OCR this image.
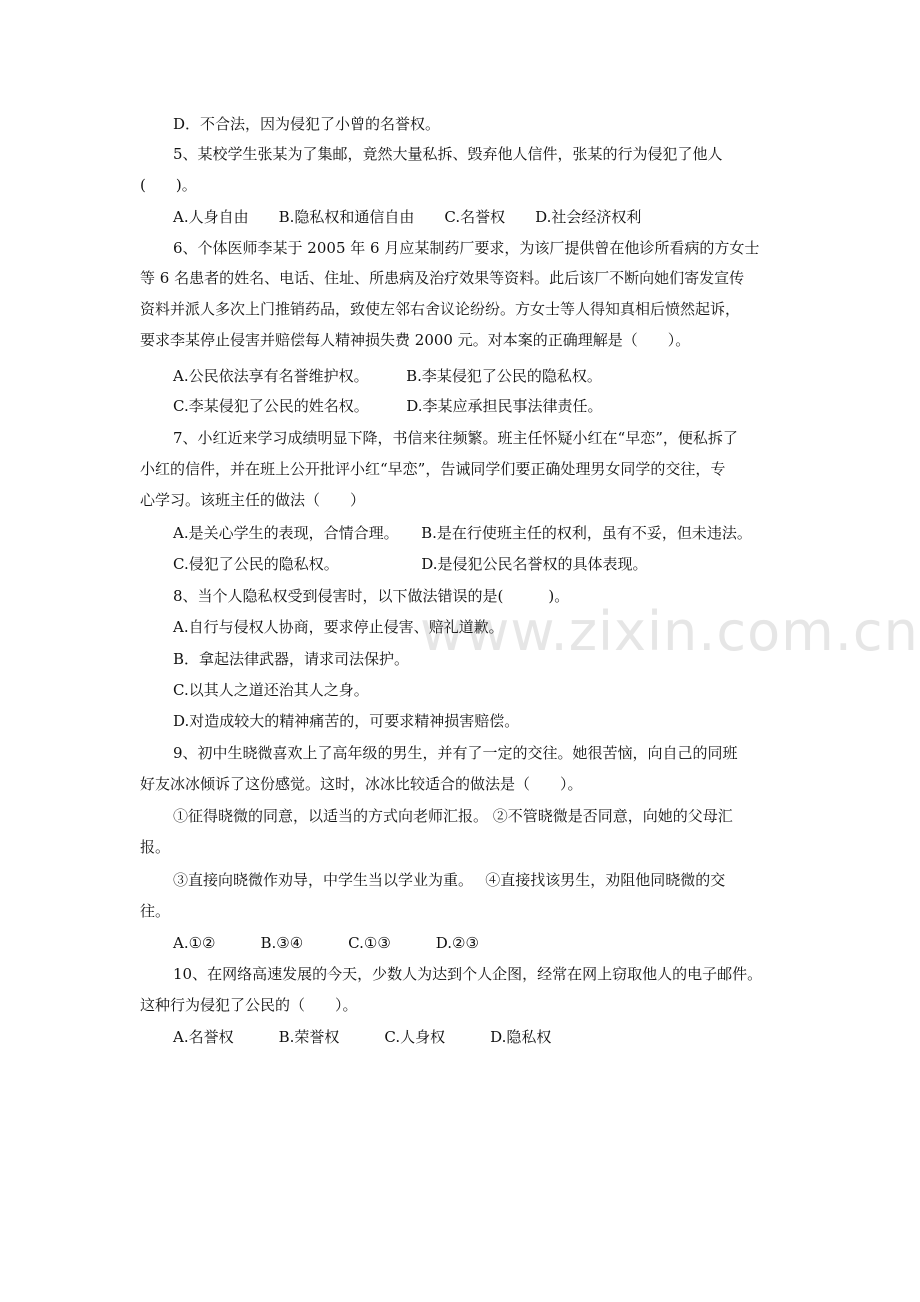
www.zixin.com.cn
D．不合法，因为侵犯了小曾的名誉权。
5、某校学生张某为了集邮，竟然大量私拆、毁弃他人信件，张某的行为侵犯了他人
(　　)。
A.人身自由　　B.隐私权和通信自由　　C.名誉权　　D.社会经济权利
6、个体医师李某于 2005 年 6 月应某制药厂要求，为该厂提供曾在他诊所看病的方女士
等 6 名患者的姓名、电话、住址、所患病及治疗效果等资料。此后该厂不断向她们寄发宣传
资料并派人多次上门推销药品，致使左邻右舍议论纷纷。方女士等人得知真相后愤然起诉，
要求李某停止侵害并赔偿每人精神损失费 2000 元。对本案的正确理解是（　　）。
A.公民依法享有名誉维护权。　　　B.李某侵犯了公民的隐私权。
C.李某侵犯了公民的姓名权。　　　D.李某应承担民事法律责任。
7、小红近来学习成绩明显下降，书信来往频繁。班主任怀疑小红在“早恋”，便私拆了
小红的信件，并在班上公开批评小红“早恋”，告诫同学们要正确处理男女同学的交往，专
心学习。该班主任的做法（　　）
A.是关心学生的表现，合情合理。　　B.是在行使班主任的权利，虽有不妥，但未违法。
C.侵犯了公民的隐私权。　　　　　　D.是侵犯公民名誉权的具体表现。
8、当个人隐私权受到侵害时，以下做法错误的是(　　　)。
A.自行与侵权人协商，要求停止侵害、赔礼道歉。
B．拿起法律武器，请求司法保护。
C.以其人之道还治其人之身。
D.对造成较大的精神痛苦的，可要求精神损害赔偿。
9、初中生晓微喜欢上了高年级的男生，并有了一定的交往。她很苦恼，向自己的同班
好友冰冰倾诉了这份感觉。这时，冰冰比较适合的做法是（　　）。
①征得晓微的同意，以适当的方式向老师汇报。 ②不管晓微是否同意，向她的父母汇
报。
③直接向晓微作劝导，中学生当以学业为重。　 ④直接找该男生，劝阻他同晓微的交
往。
A.①②　　　B.③④　　　C.①③　　　D.②③
10、在网络高速发展的今天，少数人为达到个人企图，经常在网上窃取他人的电子邮件。
这种行为侵犯了公民的（　　）。
A.名誉权　　　B.荣誉权　　　C.人身权　　　D.隐私权
